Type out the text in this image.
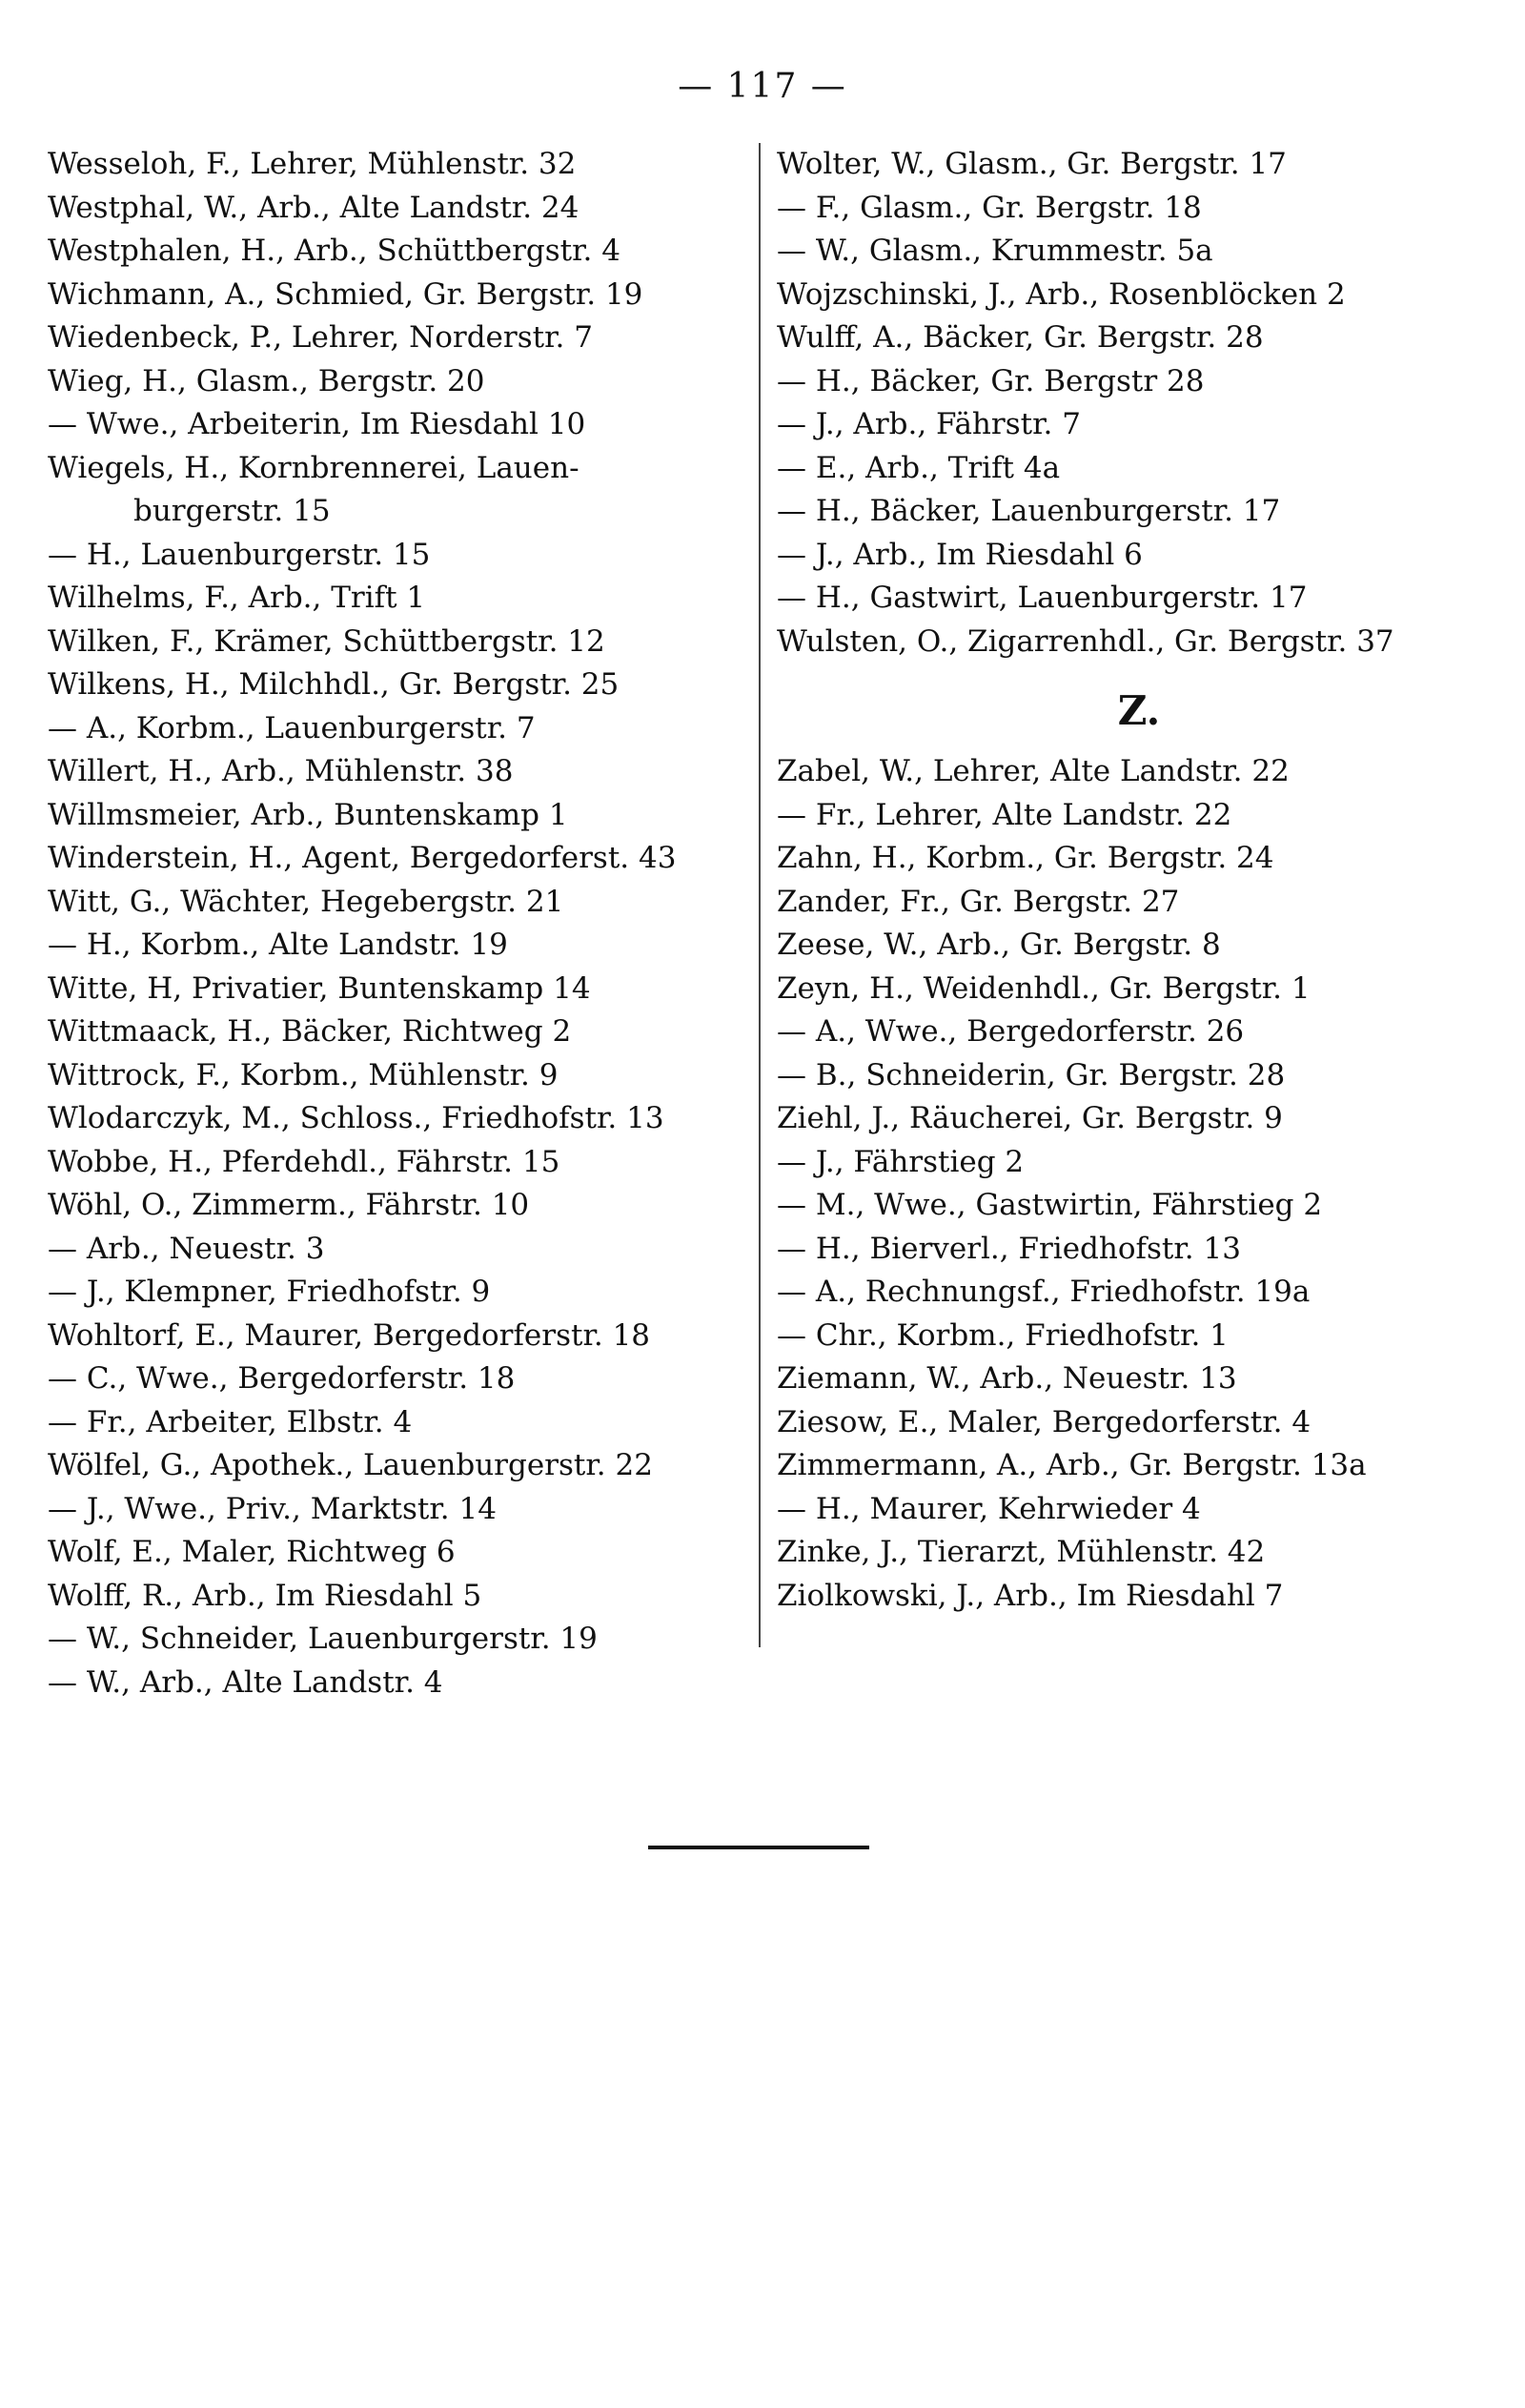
— 117 —
Wesseloh, F., Lehrer, Mühlenstr. 32
Westphal, W., Arb., Alte Landstr. 24
Westphalen, H., Arb., Schüttbergstr. 4
Wichmann, A., Schmied, Gr. Bergstr. 19
Wiedenbeck, P., Lehrer, Norderstr. 7
Wieg, H., Glasm., Bergstr. 20
— Wwe., Arbeiterin, Im Riesdahl 10
Wiegels, H., Kornbrennerei, Lauen-
burgerstr. 15
— H., Lauenburgerstr. 15
Wilhelms, F., Arb., Trift 1
Wilken, F., Krämer, Schüttbergstr. 12
Wilkens, H., Milchhdl., Gr. Bergstr. 25
— A., Korbm., Lauenburgerstr. 7
Willert, H., Arb., Mühlenstr. 38
Willmsmeier, Arb., Buntenskamp 1
Winderstein, H., Agent, Bergedorferst. 43
Witt, G., Wächter, Hegebergstr. 21
— H., Korbm., Alte Landstr. 19
Witte, H, Privatier, Buntenskamp 14
Wittmaack, H., Bäcker, Richtweg 2
Wittrock, F., Korbm., Mühlenstr. 9
Wlodarczyk, M., Schloss., Friedhofstr. 13
Wobbe, H., Pferdehdl., Fährstr. 15
Wöhl, O., Zimmerm., Fährstr. 10
— Arb., Neuestr. 3
— J., Klempner, Friedhofstr. 9
Wohltorf, E., Maurer, Bergedorferstr. 18
— C., Wwe., Bergedorferstr. 18
— Fr., Arbeiter, Elbstr. 4
Wölfel, G., Apothek., Lauenburgerstr. 22
— J., Wwe., Priv., Marktstr. 14
Wolf, E., Maler, Richtweg 6
Wolff, R., Arb., Im Riesdahl 5
— W., Schneider, Lauenburgerstr. 19
— W., Arb., Alte Landstr. 4
Wolter, W., Glasm., Gr. Bergstr. 17
— F., Glasm., Gr. Bergstr. 18
— W., Glasm., Krummestr. 5a
Wojzschinski, J., Arb., Rosenblöcken 2
Wulff, A., Bäcker, Gr. Bergstr. 28
— H., Bäcker, Gr. Bergstr 28
— J., Arb., Fährstr. 7
— E., Arb., Trift 4a
— H., Bäcker, Lauenburgerstr. 17
— J., Arb., Im Riesdahl 6
— H., Gastwirt, Lauenburgerstr. 17
Wulsten, O., Zigarrenhdl., Gr. Bergstr. 37
Z.
Zabel, W., Lehrer, Alte Landstr. 22
— Fr., Lehrer, Alte Landstr. 22
Zahn, H., Korbm., Gr. Bergstr. 24
Zander, Fr., Gr. Bergstr. 27
Zeese, W., Arb., Gr. Bergstr. 8
Zeyn, H., Weidenhdl., Gr. Bergstr. 1
— A., Wwe., Bergedorferstr. 26
— B., Schneiderin, Gr. Bergstr. 28
Ziehl, J., Räucherei, Gr. Bergstr. 9
— J., Fährstieg 2
— M., Wwe., Gastwirtin, Fährstieg 2
— H., Bierverl., Friedhofstr. 13
— A., Rechnungsf., Friedhofstr. 19a
— Chr., Korbm., Friedhofstr. 1
Ziemann, W., Arb., Neuestr. 13
Ziesow, E., Maler, Bergedorferstr. 4
Zimmermann, A., Arb., Gr. Bergstr. 13a
— H., Maurer, Kehrwieder 4
Zinke, J., Tierarzt, Mühlenstr. 42
Ziolkowski, J., Arb., Im Riesdahl 7
